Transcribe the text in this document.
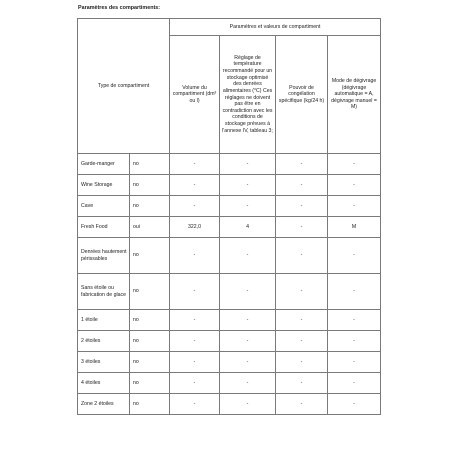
Paramètres des compartiments:
Type de compartiment		Paramètres et valeurs de compartiment			
		Volume du compartiment (dm³ ou l)	Réglage de température recommandé pour un stockage optimisé des denrées alimentaires (°C) Ces réglages ne doivent pas être en contradiction avec les conditions de stockage prévues à l'annexe IV, tableau 3;	Pouvoir de congélation spécifique (kg/24 h)	Mode de dégivrage (dégivrage automatique = A, dégivrage manuel = M)
Garde-manger	no	-	-	-	-
Wine Storage	no	-	-	-	-
Cave	no	-	-	-	-
Fresh Food	oui	322,0	4	-	M
Denrées hautement périssables	no	-	-	-	-
Sans étoile ou fabrication de glace	no	-	-	-	-
1 étoile	no	-	-	-	-
2 étoiles	no	-	-	-	-
3 étoiles	no	-	-	-	-
4 étoiles	no	-	-	-	-
Zone 2 étoiles	no	-	-	-	-
